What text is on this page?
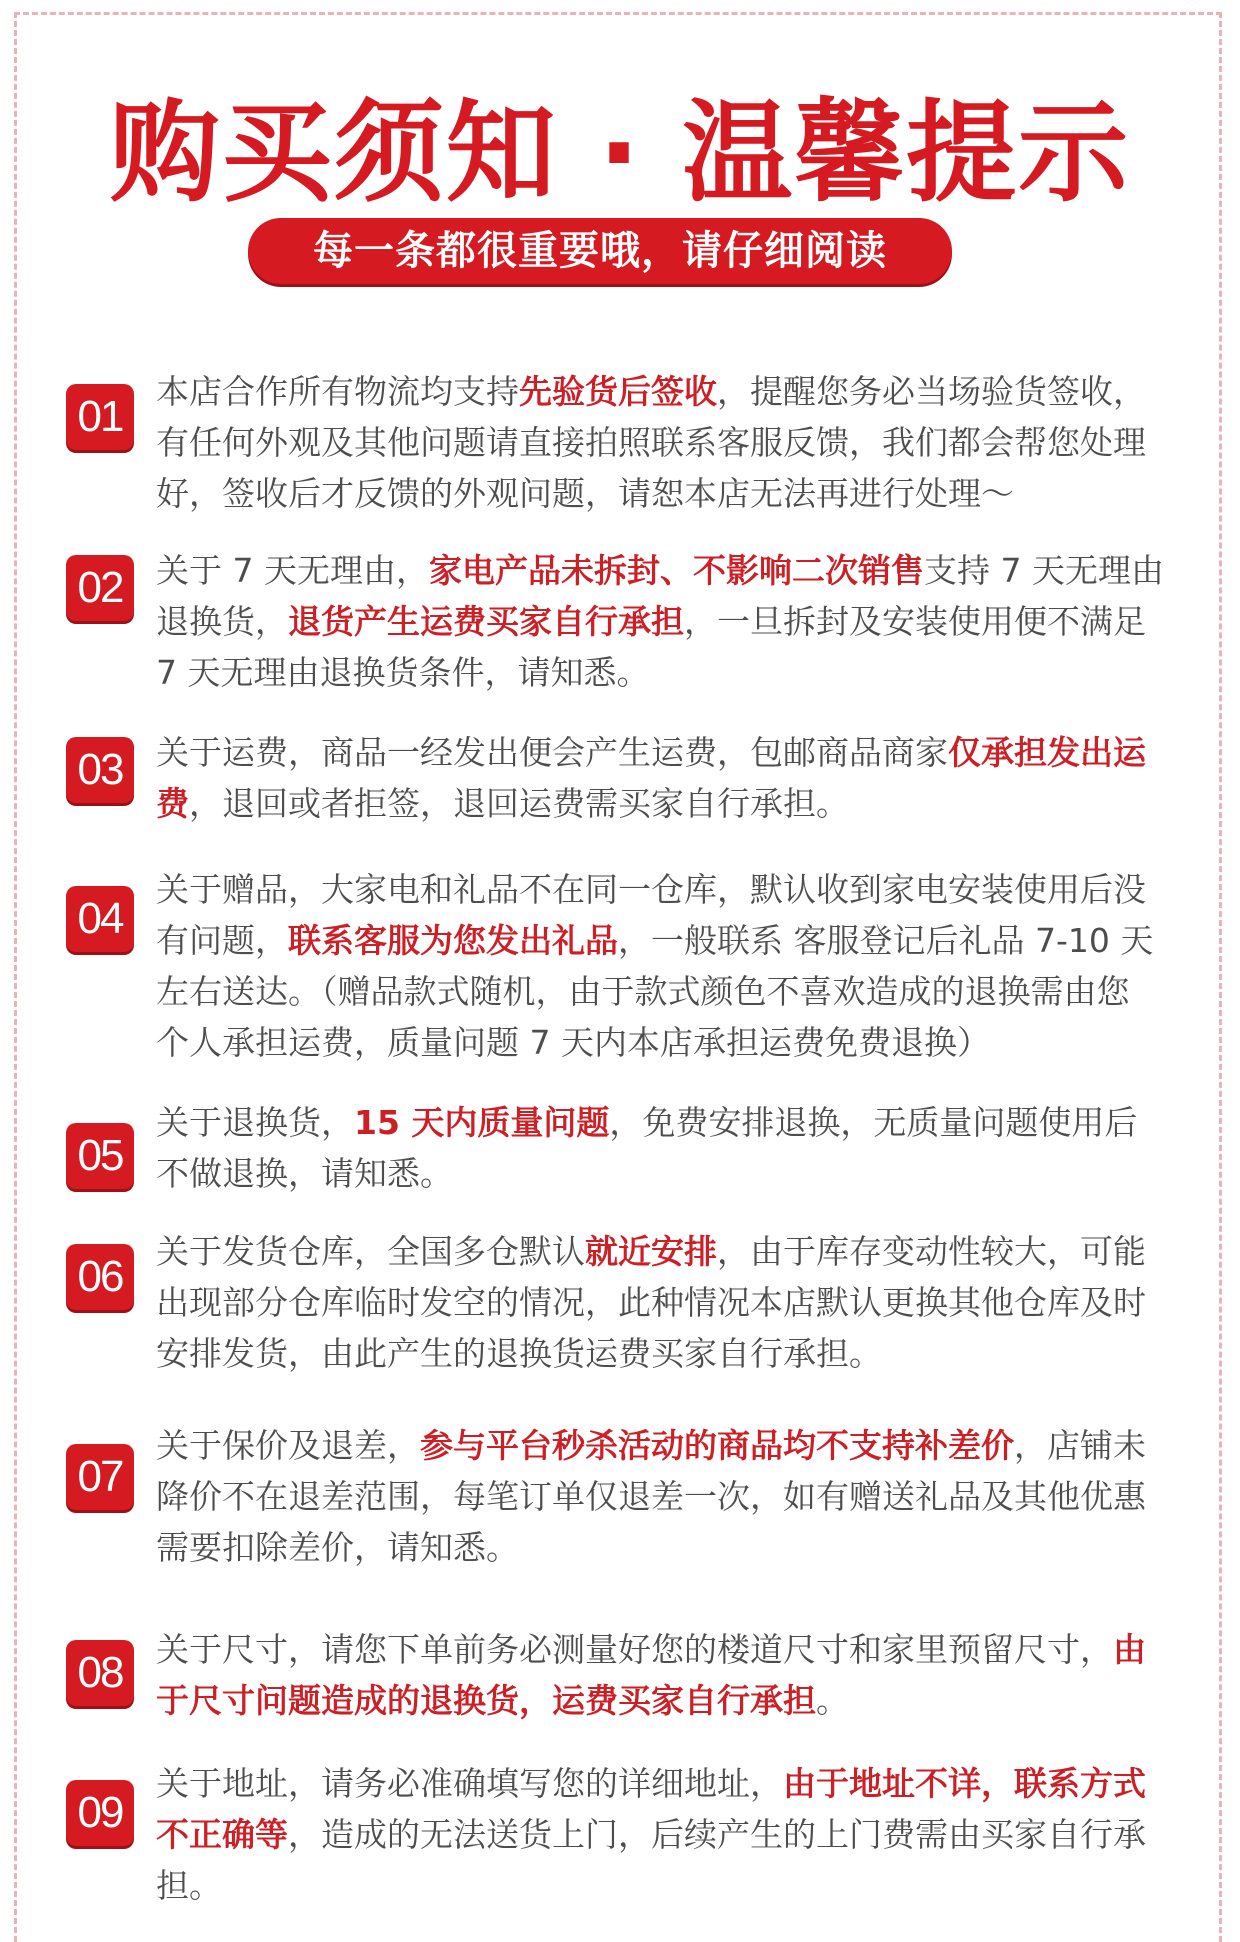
购买须知 · 温馨提示
每一条都很重要哦，请仔细阅读
01
本店合作所有物流均支持先验货后签收，提醒您务必当场验货签收，
有任何外观及其他问题请直接拍照联系客服反馈，我们都会帮您处理
好，签收后才反馈的外观问题，请恕本店无法再进行处理～
02	关于 7 天无理由，家电产品未拆封、不影响二次销售支持 7 天无理由
退换货，退货产生运费买家自行承担，一旦拆封及安装使用便不满足
7 天无理由退换货条件，请知悉。
03	关于运费，商品一经发出便会产生运费，包邮商品商家仅承担发出运
费，退回或者拒签，退回运费需买家自行承担。
04
关于赠品，大家电和礼品不在同一仓库，默认收到家电安装使用后没
有问题，联系客服为您发出礼品，一般联系 客服登记后礼品 7-10 天
左右送达。（赠品款式随机，由于款式颜色不喜欢造成的退换需由您
个人承担运费，质量问题 7 天内本店承担运费免费退换）
05
关于退换货，15 天内质量问题，免费安排退换，无质量问题使用后
不做退换，请知悉。
06
关于发货仓库，全国多仓默认就近安排，由于库存变动性较大，可能
出现部分仓库临时发空的情况，此种情况本店默认更换其他仓库及时
安排发货，由此产生的退换货运费买家自行承担。
07
关于保价及退差，参与平台秒杀活动的商品均不支持补差价，店铺未
降价不在退差范围，每笔订单仅退差一次，如有赠送礼品及其他优惠
需要扣除差价，请知悉。
08	关于尺寸，请您下单前务必测量好您的楼道尺寸和家里预留尺寸，由
于尺寸问题造成的退换货，运费买家自行承担。
09
关于地址，请务必准确填写您的详细地址，由于地址不详，联系方式
不正确等，造成的无法送货上门，后续产生的上门费需由买家自行承
担。
